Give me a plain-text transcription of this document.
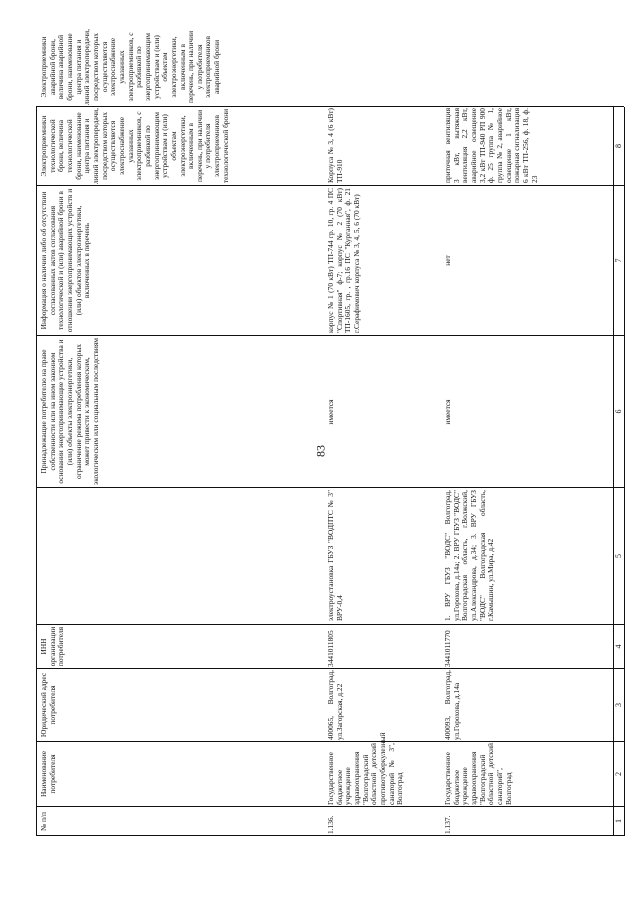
83
№ п/п
Наименование потребителя
Юридический адрес потребителя
ИНН организации потребителя
Принадлежащие потребителю на праве собственности или на ином законном основании энергопринимающие устройства и (или) объекты электроэнергетики, ограничение режима потребления которых может привести к экономическим, экологическим или социальным последствиям
Информация о наличии либо об отсутствии согласованных актов согласования технологической и (или) аварийной брони в отношении энергопринимающих устройств и (или) объектов электроэнергетики, включенных в перечень
Электроприемники технологической брони, величина технологической брони, наименование центра питания и линий электропередачи, посредством которых осуществляется электроснабжение указанных электроприемников, с разбивкой по энергопринимающим устройствам и (или) объектам электроэнергетики, включенным в перечень, при наличии у потребителя электроприемников технологической брони
Электроприемники аварийной брони, величина аварийной брони, наименование центра питания и линий электропередачи, посредством которых осуществляется электроснабжение указанных электроприемников, с разбивкой по энергопринимающим устройствам и (или) объектам электроэнергетики, включенным в перечень, при наличии у потребителя электроприемников аварийной брони
1
2
3
4
5
6
7
8
1.136.
Государственное бюджетное учреждение здравоохранения "Волгоградский областной детский противотуберкулезный санаторий № 3", Волгоград
400065, Волгоград, ул.Загорская, д.22
3441011805
электроустановка ГБУЗ "ВОДПТС № 3" ВРУ-0,4
имеется
корпус № 1 (70 кВт) ТП-744 гр. 10, гр. 4 ПС "Спортивная" ф-7; корпус № 2 (70 кВт) ТП-1605, гр. , гр.16 ПС "Курганная", ф. 21 г.Серафимович корпуса № 3, 4, 5, 6 (70 кВт)
Корпуса № 3, 4 (6 кВт) ТП-910
1.137.
Государственное бюджетное учреждение здравоохранения "Волгоградский областной детский санаторий", Волгоград
400093, Волгоград, ул.Горохова, д.14а
3441011770
1. ВРУ ГБУЗ "ВОДС" Волгоград, ул.Горохова, д.14а; 2. ВРУ ГБУЗ "ВОДС" Волгоградская область, г.Волжский, ул.Александрова, д.34; 3. ВРУ ГБУЗ "ВОДС" Волгоградская область, г.Камышин, ул.Мира, д.42
имеется
нет
приточная вентиляция 3 кВт, вытяжная вентиляция 2,2 кВт, аварийное освещение 3,2 кВт ТП-940 РП 900 ф. 25 группа № 1, группа № 2, аварийное освещение 1 кВт, пожарная сигнализация 6 кВт ТП-256, ф. 18, ф. 23
